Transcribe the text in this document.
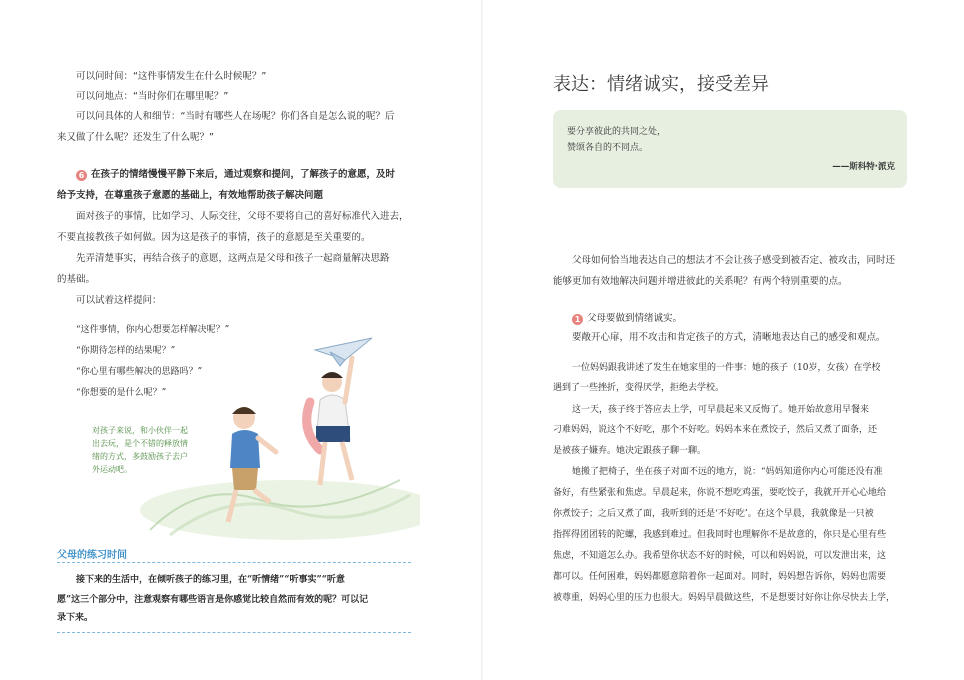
可以问时间：“这件事情发生在什么时候呢？”
可以问地点：“当时你们在哪里呢？”
可以问具体的人和细节：“当时有哪些人在场呢？你们各自是怎么说的呢？后
来又做了什么呢？还发生了什么呢？”
6 在孩子的情绪慢慢平静下来后，通过观察和提问，了解孩子的意愿，及时
给予支持，在尊重孩子意愿的基础上，有效地帮助孩子解决问题
面对孩子的事情，比如学习、人际交往，父母不要将自己的喜好标准代入进去，
不要直接教孩子如何做。因为这是孩子的事情，孩子的意愿是至关重要的。
先弄清楚事实，再结合孩子的意愿，这两点是父母和孩子一起商量解决思路
的基础。
可以试着这样提问：
“这件事情，你内心想要怎样解决呢？”
“你期待怎样的结果呢？”
“你心里有哪些解决的思路吗？”
“你想要的是什么呢？”
对孩子来说，和小伙伴一起
出去玩，是个不错的释放情
绪的方式，多鼓励孩子去户
外运动吧。
父母的练习时间
接下来的生活中，在倾听孩子的练习里，在“听情绪”“听事实”“听意
愿”这三个部分中，注意观察有哪些语言是你感觉比较自然而有效的呢？可以记
录下来。
表达：情绪诚实，接受差异
要分享彼此的共同之处，
赞颂各自的不同点。
——斯科特·派克
父母如何恰当地表达自己的想法才不会让孩子感受到被否定、被攻击，同时还
能够更加有效地解决问题并增进彼此的关系呢？有两个特别重要的点。
1 父母要做到情绪诚实。
要敞开心扉，用不攻击和肯定孩子的方式，清晰地表达自己的感受和观点。
一位妈妈跟我讲述了发生在她家里的一件事：她的孩子（10岁，女孩）在学校
遇到了一些挫折，变得厌学，拒绝去学校。
这一天，孩子终于答应去上学，可早晨起来又反悔了。她开始故意用早餐来
刁难妈妈，说这个不好吃，那个不好吃。妈妈本来在煮饺子，然后又煮了面条，还
是被孩子嫌弃。她决定跟孩子聊一聊。
她搬了把椅子，坐在孩子对面不远的地方，说：“妈妈知道你内心可能还没有准
备好，有些紧张和焦虑。早晨起来，你说不想吃鸡蛋，要吃饺子，我就开开心心地给
你煮饺子；之后又煮了面，我听到的还是‘不好吃’。在这个早晨，我就像是一只被
指挥得团团转的陀螺，我感到难过。但我同时也理解你不是故意的，你只是心里有些
焦虑，不知道怎么办。我希望你状态不好的时候，可以和妈妈说，可以发泄出来，这
都可以。任何困难，妈妈都愿意陪着你一起面对。同时，妈妈想告诉你，妈妈也需要
被尊重，妈妈心里的压力也很大。妈妈早晨做这些，不是想要讨好你让你尽快去上学，
